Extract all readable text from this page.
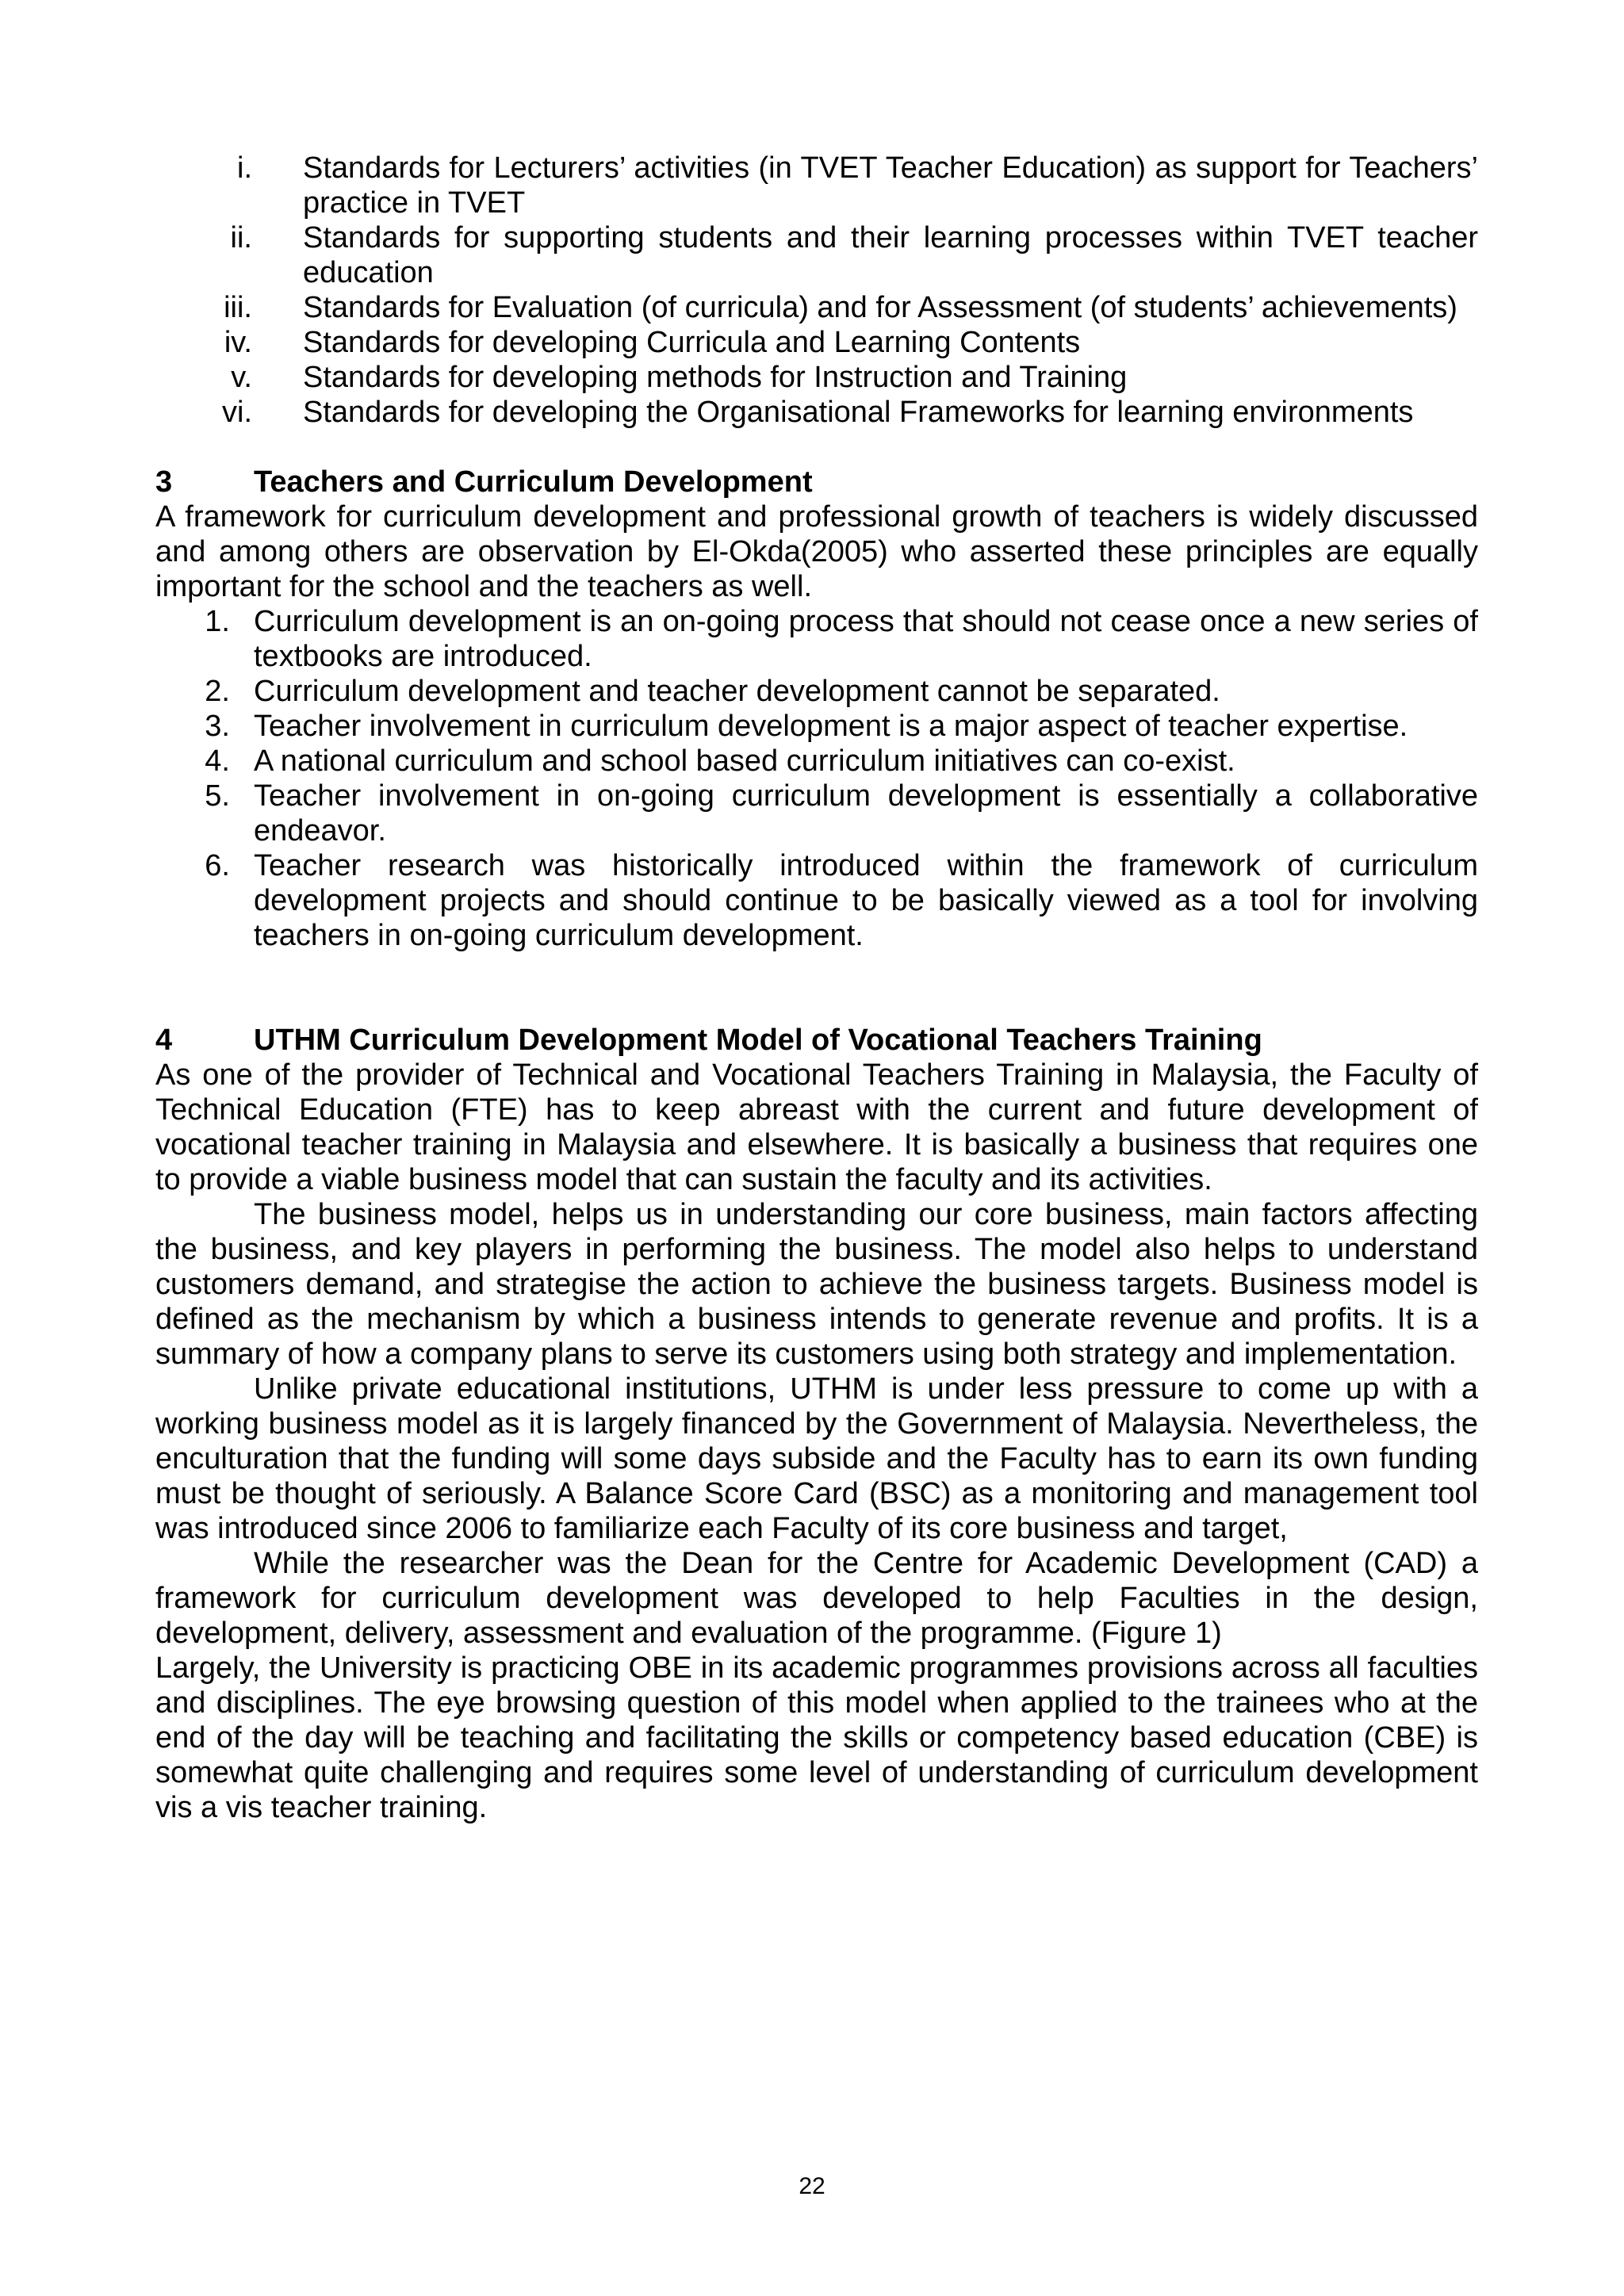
i. Standards for Lecturers’ activities (in TVET Teacher Education) as support for Teachers’ practice in TVET
ii. Standards for supporting students and their learning processes within TVET teacher education
iii. Standards for Evaluation (of curricula) and for Assessment (of students’ achievements)
iv. Standards for developing Curricula and Learning Contents
v. Standards for developing methods for Instruction and Training
vi. Standards for developing the Organisational Frameworks for learning environments
3	Teachers and Curriculum Development

A framework for curriculum development and professional growth of teachers is widely discussed and among others are observation by El-Okda(2005) who asserted these principles are equally important for the school and the teachers as well.

1. Curriculum development is an on-going process that should not cease once a new series of textbooks are introduced.
2. Curriculum development and teacher development cannot be separated.
3. Teacher involvement in curriculum development is a major aspect of teacher expertise.
4. A national curriculum and school based curriculum initiatives can co-exist.
5. Teacher involvement in on-going curriculum development is essentially a collaborative endeavor.
6. Teacher research was historically introduced within the framework of curriculum development projects and should continue to be basically viewed as a tool for involving teachers in on-going curriculum development.
4	UTHM Curriculum Development Model of Vocational Teachers Training

As one of the provider of Technical and Vocational Teachers Training in Malaysia, the Faculty of Technical Education (FTE) has to keep abreast with the current and future development of vocational teacher training in Malaysia and elsewhere. It is basically a business that requires one to provide a viable business model that can sustain the faculty and its activities.

The business model, helps us in understanding our core business, main factors affecting the business, and key players in performing the business. The model also helps to understand customers demand, and strategise the action to achieve the business targets. Business model is defined as the mechanism by which a business intends to generate revenue and profits. It is a summary of how a company plans to serve its customers using both strategy and implementation.

Unlike private educational institutions, UTHM is under less pressure to come up with a working business model as it is largely financed by the Government of Malaysia. Nevertheless, the enculturation that the funding will some days subside and the Faculty has to earn its own funding must be thought of seriously. A Balance Score Card (BSC) as a monitoring and management tool was introduced since 2006 to familiarize each Faculty of its core business and target,

While the researcher was the Dean for the Centre for Academic Development (CAD) a framework for curriculum development was developed to help Faculties in the design, development, delivery, assessment and evaluation of the programme. (Figure 1)

Largely, the University is practicing OBE in its academic programmes provisions across all faculties and disciplines. The eye browsing question of this model when applied to the trainees who at the end of the day will be teaching and facilitating the skills or competency based education (CBE) is somewhat quite challenging and requires some level of understanding of curriculum development vis a vis teacher training.

22
